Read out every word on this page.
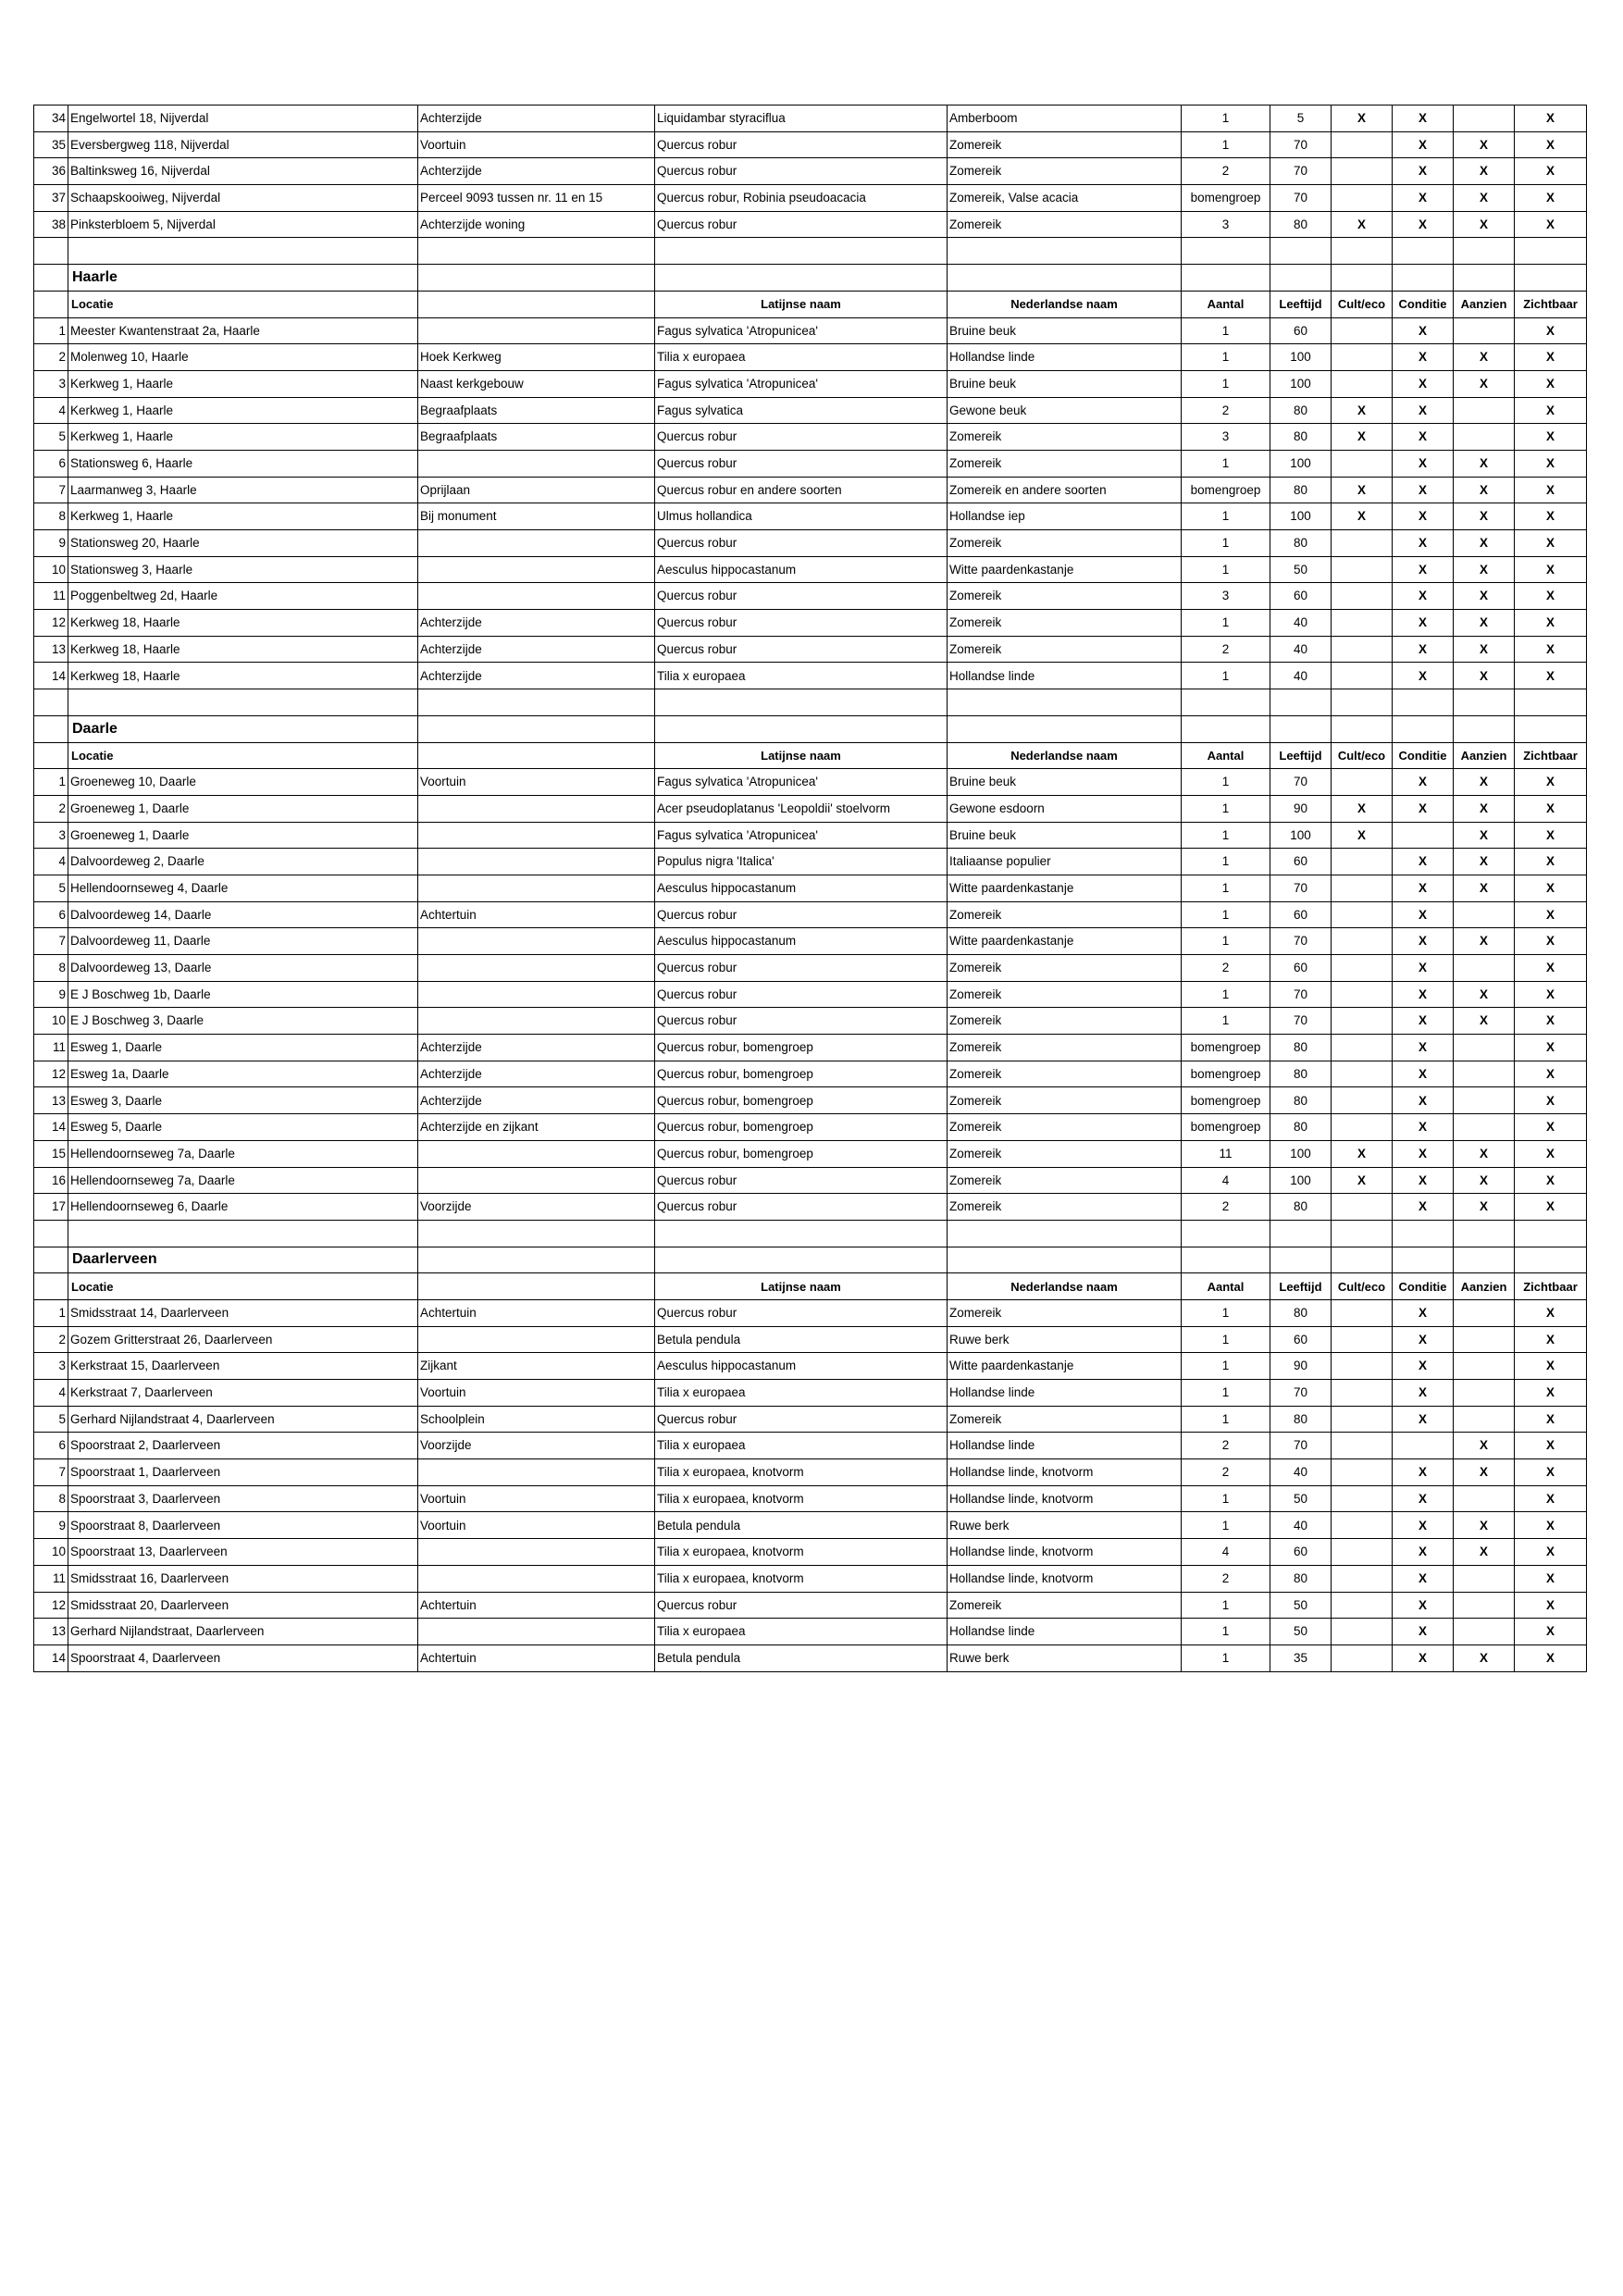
34	Engelwortel 18, Nijverdal	Achterzijde	Liquidambar styraciflua	Amberboom	1	5	X	X		X
35	Eversbergweg 118, Nijverdal	Voortuin	Quercus robur	Zomereik	1	70		X	X	X
36	Baltinksweg 16, Nijverdal	Achterzijde	Quercus robur	Zomereik	2	70		X	X	X
37	Schaapskooiweg, Nijverdal	Perceel 9093 tussen nr. 11 en 15	Quercus robur, Robinia pseudoacacia	Zomereik, Valse acacia	bomengroep	70		X	X	X
38	Pinksterbloem 5, Nijverdal	Achterzijde woning	Quercus robur	Zomereik	3	80	X	X	X	X

	Haarle									
	Locatie		Latijnse naam	Nederlandse naam	Aantal	Leeftijd	Cult/eco	Conditie	Aanzien	Zichtbaar
1	Meester Kwantenstraat 2a, Haarle		Fagus sylvatica 'Atropunicea'	Bruine beuk	1	60		X		X
2	Molenweg 10, Haarle	Hoek Kerkweg	Tilia x europaea	Hollandse linde	1	100		X	X	X
3	Kerkweg 1, Haarle	Naast kerkgebouw	Fagus sylvatica 'Atropunicea'	Bruine beuk	1	100		X	X	X
4	Kerkweg 1, Haarle	Begraafplaats	Fagus sylvatica	Gewone beuk	2	80	X	X		X
5	Kerkweg 1, Haarle	Begraafplaats	Quercus robur	Zomereik	3	80	X	X		X
6	Stationsweg 6, Haarle		Quercus robur	Zomereik	1	100		X	X	X
7	Laarmanweg 3, Haarle	Oprijlaan	Quercus robur en andere soorten	Zomereik en andere soorten	bomengroep	80	X	X	X	X
8	Kerkweg 1, Haarle	Bij monument	Ulmus hollandica	Hollandse iep	1	100	X	X	X	X
9	Stationsweg 20, Haarle		Quercus robur	Zomereik	1	80		X	X	X
10	Stationsweg 3, Haarle		Aesculus hippocastanum	Witte paardenkastanje	1	50		X	X	X
11	Poggenbeltweg 2d, Haarle		Quercus robur	Zomereik	3	60		X	X	X
12	Kerkweg 18, Haarle	Achterzijde	Quercus robur	Zomereik	1	40		X	X	X
13	Kerkweg 18, Haarle	Achterzijde	Quercus robur	Zomereik	2	40		X	X	X
14	Kerkweg 18, Haarle	Achterzijde	Tilia x europaea	Hollandse linde	1	40		X	X	X

	Daarle									
	Locatie		Latijnse naam	Nederlandse naam	Aantal	Leeftijd	Cult/eco	Conditie	Aanzien	Zichtbaar
1	Groeneweg 10, Daarle	Voortuin	Fagus sylvatica 'Atropunicea'	Bruine beuk	1	70		X	X	X
2	Groeneweg 1, Daarle		Acer pseudoplatanus 'Leopoldii' stoelvorm	Gewone esdoorn	1	90	X	X	X	X
3	Groeneweg 1, Daarle		Fagus sylvatica 'Atropunicea'	Bruine beuk	1	100	X		X	X
4	Dalvoordeweg 2, Daarle		Populus nigra 'Italica'	Italiaanse populier	1	60		X	X	X
5	Hellendoornseweg 4, Daarle		Aesculus hippocastanum	Witte paardenkastanje	1	70		X	X	X
6	Dalvoordeweg 14, Daarle	Achtertuin	Quercus robur	Zomereik	1	60		X		X
7	Dalvoordeweg 11, Daarle		Aesculus hippocastanum	Witte paardenkastanje	1	70		X	X	X
8	Dalvoordeweg 13, Daarle		Quercus robur	Zomereik	2	60		X		X
9	E J Boschweg 1b, Daarle		Quercus robur	Zomereik	1	70		X	X	X
10	E J Boschweg 3, Daarle		Quercus robur	Zomereik	1	70		X	X	X
11	Esweg 1, Daarle	Achterzijde	Quercus robur, bomengroep	Zomereik	bomengroep	80		X		X
12	Esweg 1a, Daarle	Achterzijde	Quercus robur, bomengroep	Zomereik	bomengroep	80		X		X
13	Esweg 3, Daarle	Achterzijde	Quercus robur, bomengroep	Zomereik	bomengroep	80		X		X
14	Esweg 5, Daarle	Achterzijde en zijkant	Quercus robur, bomengroep	Zomereik	bomengroep	80		X		X
15	Hellendoornseweg 7a, Daarle		Quercus robur, bomengroep	Zomereik	11	100	X	X	X	X
16	Hellendoornseweg 7a, Daarle		Quercus robur	Zomereik	4	100	X	X	X	X
17	Hellendoornseweg 6, Daarle	Voorzijde	Quercus robur	Zomereik	2	80		X	X	X

	Daarlerveen									
	Locatie		Latijnse naam	Nederlandse naam	Aantal	Leeftijd	Cult/eco	Conditie	Aanzien	Zichtbaar
1	Smidsstraat 14, Daarlerveen	Achtertuin	Quercus robur	Zomereik	1	80		X		X
2	Gozem Gritterstraat 26, Daarlerveen		Betula pendula	Ruwe berk	1	60		X		X
3	Kerkstraat 15, Daarlerveen	Zijkant	Aesculus hippocastanum	Witte paardenkastanje	1	90		X		X
4	Kerkstraat 7, Daarlerveen	Voortuin	Tilia x europaea	Hollandse linde	1	70		X		X
5	Gerhard Nijlandstraat 4, Daarlerveen	Schoolplein	Quercus robur	Zomereik	1	80		X		X
6	Spoorstraat 2, Daarlerveen	Voorzijde	Tilia x europaea	Hollandse linde	2	70			X	X
7	Spoorstraat 1, Daarlerveen		Tilia x europaea, knotvorm	Hollandse linde, knotvorm	2	40		X	X	X
8	Spoorstraat 3, Daarlerveen	Voortuin	Tilia x europaea, knotvorm	Hollandse linde, knotvorm	1	50		X		X
9	Spoorstraat 8, Daarlerveen	Voortuin	Betula pendula	Ruwe berk	1	40		X	X	X
10	Spoorstraat 13, Daarlerveen		Tilia x europaea, knotvorm	Hollandse linde, knotvorm	4	60		X	X	X
11	Smidsstraat 16, Daarlerveen		Tilia x europaea, knotvorm	Hollandse linde, knotvorm	2	80		X		X
12	Smidsstraat 20, Daarlerveen	Achtertuin	Quercus robur	Zomereik	1	50		X		X
13	Gerhard Nijlandstraat, Daarlerveen		Tilia x europaea	Hollandse linde	1	50		X		X
14	Spoorstraat 4, Daarlerveen	Achtertuin	Betula pendula	Ruwe berk	1	35		X	X	X
